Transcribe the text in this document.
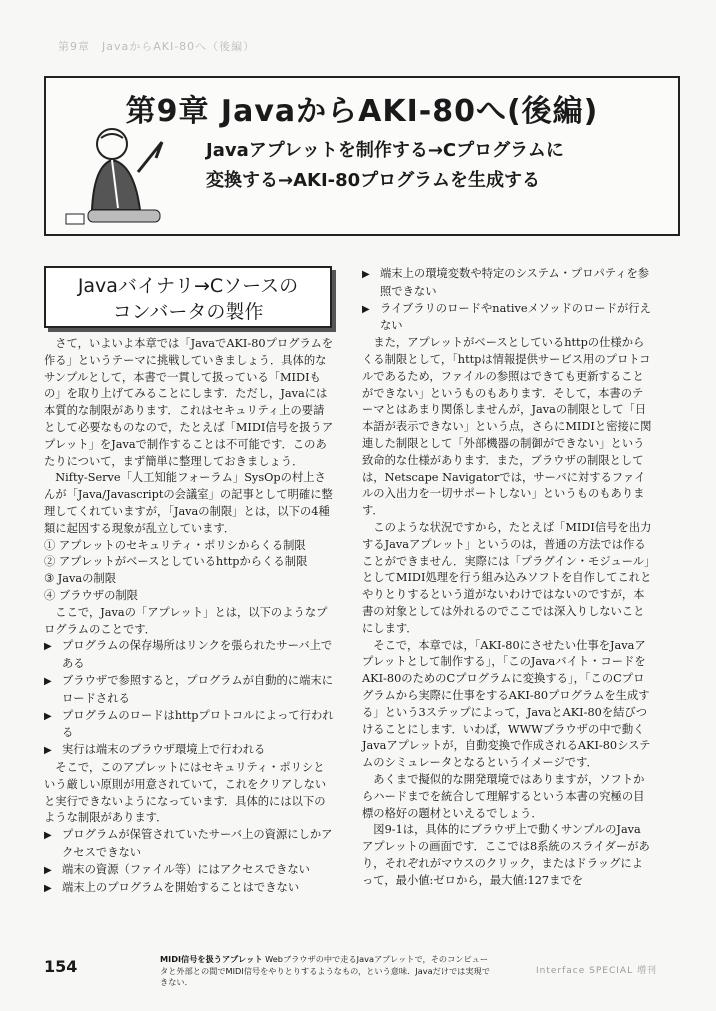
第9章　JavaからAKI-80へ（後編）
第9章 JavaからAKI-80へ(後編)
Javaアプレットを制作する→Cプログラムに
変換する→AKI-80プログラムを生成する
Javaバイナリ→Cソースの
コンバータの製作

さて，いよいよ本章では「JavaでAKI-80プログラムを作る」というテーマに挑戦していきましょう．具体的なサンプルとして，本書で一貫して扱っている「MIDIもの」を取り上げてみることにします．ただし，Javaには本質的な制限があります．これはセキュリティ上の要請として必要なものなので，たとえば「MIDI信号を扱うアプレット」をJavaで制作することは不可能です．このあたりについて，まず簡単に整理しておきましょう．

Nifty-Serve「人工知能フォーラム」SysOpの村上さんが「Java/Javascriptの会議室」の記事として明確に整理してくれていますが，「Javaの制限」とは，以下の4種類に起因する現象が乱立しています．

① アプレットのセキュリティ・ポリシからくる制限

② アプレットがベースとしているhttpからくる制限

③ Javaの制限

④ ブラウザの制限

ここで，Javaの「アプレット」とは，以下のようなプログラムのことです．

▶ プログラムの保存場所はリンクを張られたサーバ上である

▶ ブラウザで参照すると，プログラムが自動的に端末にロードされる

▶ プログラムのロードはhttpプロトコルによって行われる

▶ 実行は端末のブラウザ環境上で行われる

そこで，このアプレットにはセキュリティ・ポリシという厳しい原則が用意されていて，これをクリアしないと実行できないようになっています．具体的には以下のような制限があります．

▶ プログラムが保管されていたサーバ上の資源にしかアクセスできない

▶ 端末の資源（ファイル等）にはアクセスできない

▶ 端末上のプログラムを開始することはできない

▶ 端末上の環境変数や特定のシステム・プロパティを参照できない

▶ ライブラリのロードやnativeメソッドのロードが行えない

また，アプレットがベースとしているhttpの仕様からくる制限として，「httpは情報提供サービス用のプロトコルであるため，ファイルの参照はできても更新することができない」というものもあります．そして，本書のテーマとはあまり関係しませんが，Javaの制限として「日本語が表示できない」という点，さらにMIDIと密接に関連した制限として「外部機器の制御ができない」という致命的な仕様があります．また，ブラウザの制限としては，Netscape Navigatorでは，サーバに対するファイルの入出力を一切サポートしない」というものもあります．

このような状況ですから，たとえば「MIDI信号を出力するJavaアプレット」というのは，普通の方法では作ることができません．実際には「プラグイン・モジュール」としてMIDI処理を行う組み込みソフトを自作してこれとやりとりするという道がないわけではないのですが，本書の対象としては外れるのでここでは深入りしないことにします．

そこで，本章では，「AKI-80にさせたい仕事をJavaアプレットとして制作する」，「このJavaバイト・コードをAKI-80のためのCプログラムに変換する」，「このCプログラムから実際に仕事をするAKI-80プログラムを生成する」という3ステップによって，JavaとAKI-80を結びつけることにします．いわば，WWWブラウザの中で動くJavaアプレットが，自動変換で作成されるAKI-80システムのシミュレータとなるというイメージです．

あくまで擬似的な開発環境ではありますが，ソフトからハードまでを統合して理解するという本書の究極の目標の格好の題材といえるでしょう．

図9-1は，具体的にブラウザ上で動くサンプルのJavaアプレットの画面です．ここでは8系統のスライダーがあり，それぞれがマウスのクリック，またはドラッグによって，最小値:ゼロから，最大値:127までを

154	MIDI信号を扱うアプレット Webブラウザの中で走るJavaアプレットで，そのコンピュータと外部との間でMIDI信号をやりとりするようなもの，という意味．Javaだけでは実現できない．
Interface SPECIAL 増刊
